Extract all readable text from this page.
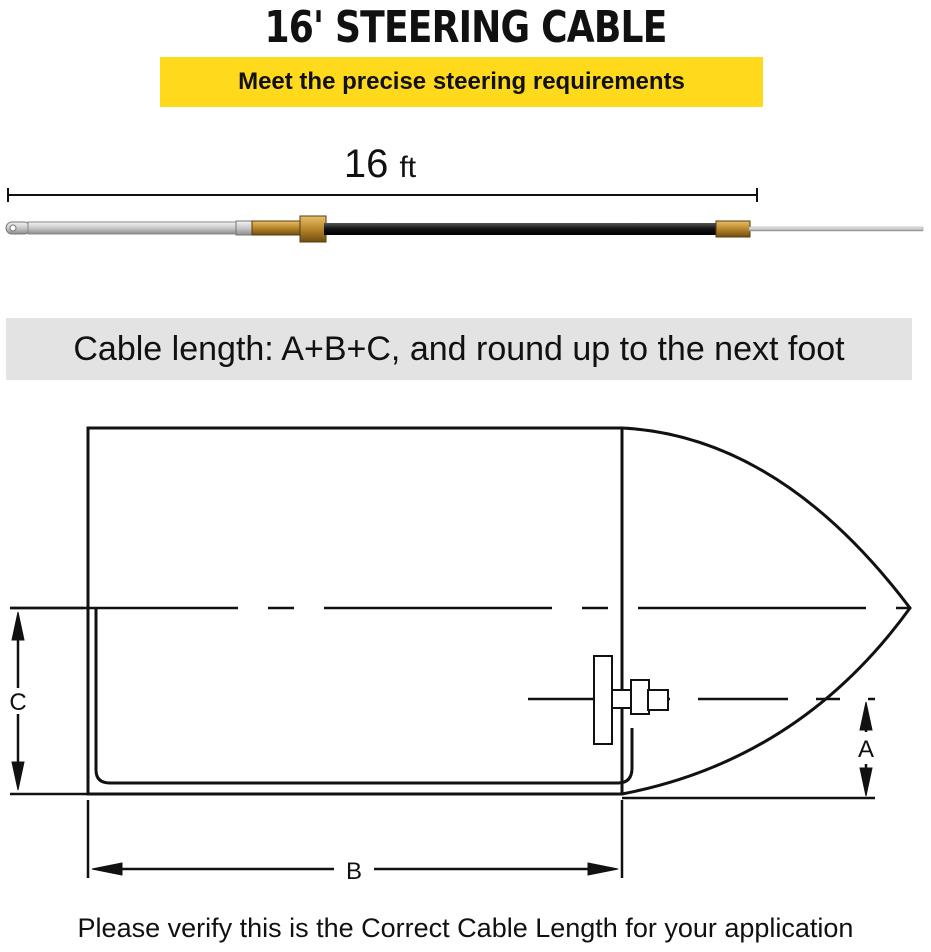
16' STEERING CABLE
Meet the precise steering requirements
16 ft
Cable length: A+B+C, and round up to the next foot
C
A
B
Please verify this is the Correct Cable Length for your application
